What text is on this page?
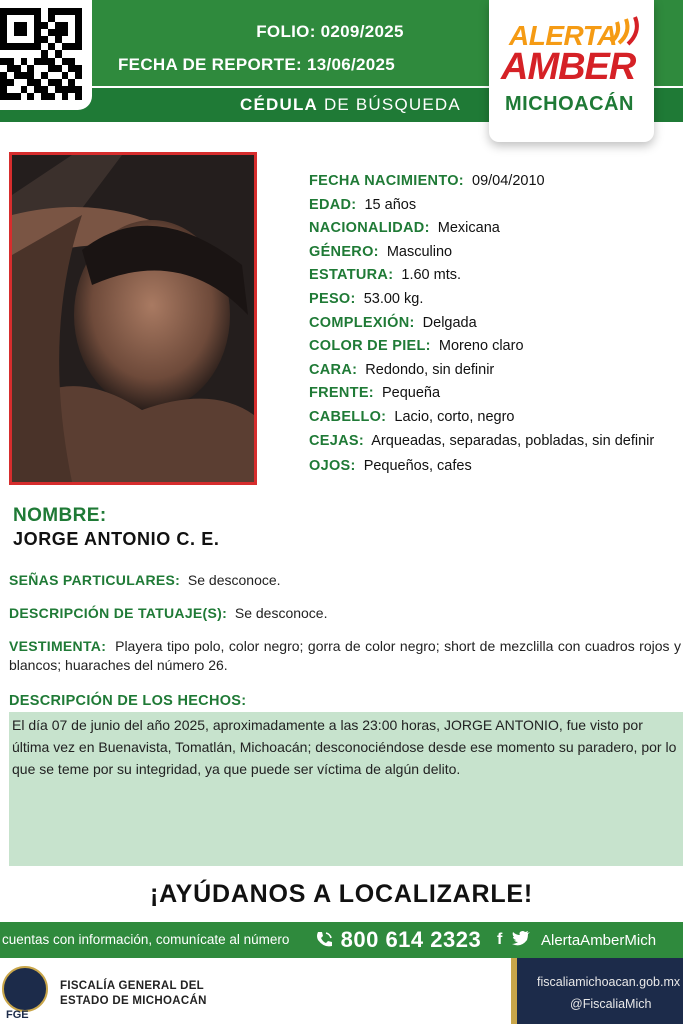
FOLIO: 0209/2025
FECHA DE REPORTE: 13/06/2025
CÉDULA DE BÚSQUEDA
ALERTA
AMBER
MICHOACÁN
FECHA NACIMIENTO: 09/04/2010
EDAD: 15 años
NACIONALIDAD: Mexicana
GÉNERO: Masculino
ESTATURA: 1.60 mts.
PESO: 53.00 kg.
COMPLEXIÓN: Delgada
COLOR DE PIEL: Moreno claro
CARA: Redondo, sin definir
FRENTE: Pequeña
CABELLO: Lacio, corto, negro
CEJAS: Arqueadas, separadas, pobladas, sin definir
OJOS: Pequeños, cafes
NOMBRE:
JORGE ANTONIO C. E.
SEÑAS PARTICULARES: Se desconoce.
DESCRIPCIÓN DE TATUAJE(S): Se desconoce.
VESTIMENTA: Playera tipo polo, color negro; gorra de color negro; short de mezclilla con cuadros rojos y blancos; huaraches del número 26.
DESCRIPCIÓN DE LOS HECHOS:
El día 07 de junio del año 2025, aproximadamente a las 23:00 horas, JORGE ANTONIO, fue visto por última vez en Buenavista, Tomatlán, Michoacán; desconociéndose desde ese momento su paradero, por lo que se teme por su integridad, ya que puede ser víctima de algún delito.
¡AYÚDANOS A LOCALIZARLE!
cuentas con información, comunícate al número	800 614 2323 f	AlertaAmberMich
FGE
FISCALÍA GENERAL DEL
ESTADO DE MICHOACÁN
fiscaliamichoacan.gob.mx
@FiscaliaMich
